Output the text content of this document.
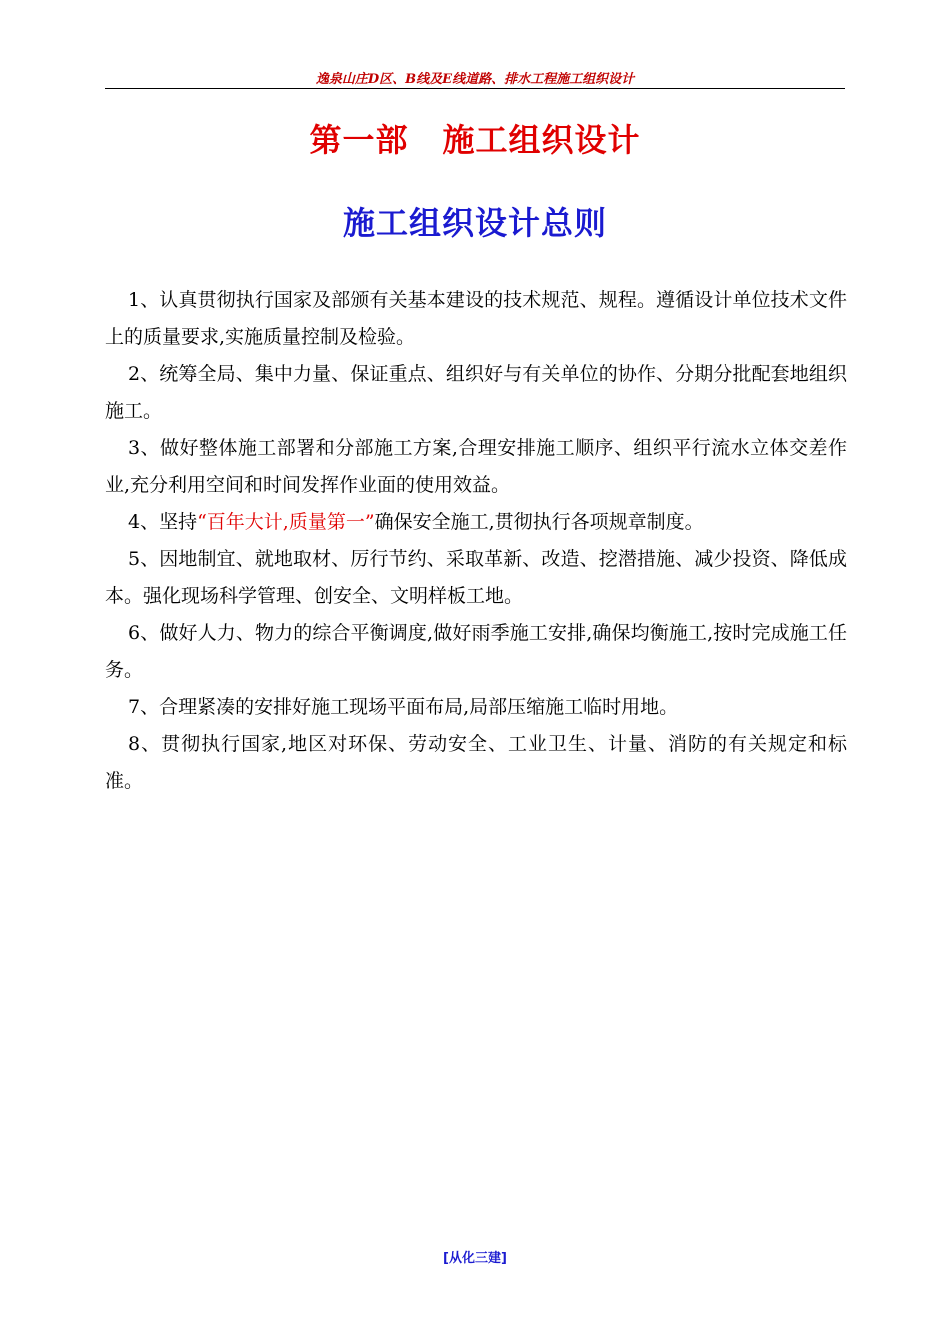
逸泉山庄D区、B线及E线道路、排水工程施工组织设计
第一部 施工组织设计
施工组织设计总则

1、认真贯彻执行国家及部颁有关基本建设的技术规范、规程。遵循设计单位技术文件上的质量要求,实施质量控制及检验。

2、统筹全局、集中力量、保证重点、组织好与有关单位的协作、分期分批配套地组织施工。

3、做好整体施工部署和分部施工方案,合理安排施工顺序、组织平行流水立体交差作业,充分利用空间和时间发挥作业面的使用效益。

4、坚持“百年大计,质量第一”确保安全施工,贯彻执行各项规章制度。

5、因地制宜、就地取材、厉行节约、采取革新、改造、挖潜措施、减少投资、降低成本。强化现场科学管理、创安全、文明样板工地。

6、做好人力、物力的综合平衡调度,做好雨季施工安排,确保均衡施工,按时完成施工任务。

7、合理紧凑的安排好施工现场平面布局,局部压缩施工临时用地。

8、贯彻执行国家,地区对环保、劳动安全、工业卫生、计量、消防的有关规定和标准。

[从化三建]
